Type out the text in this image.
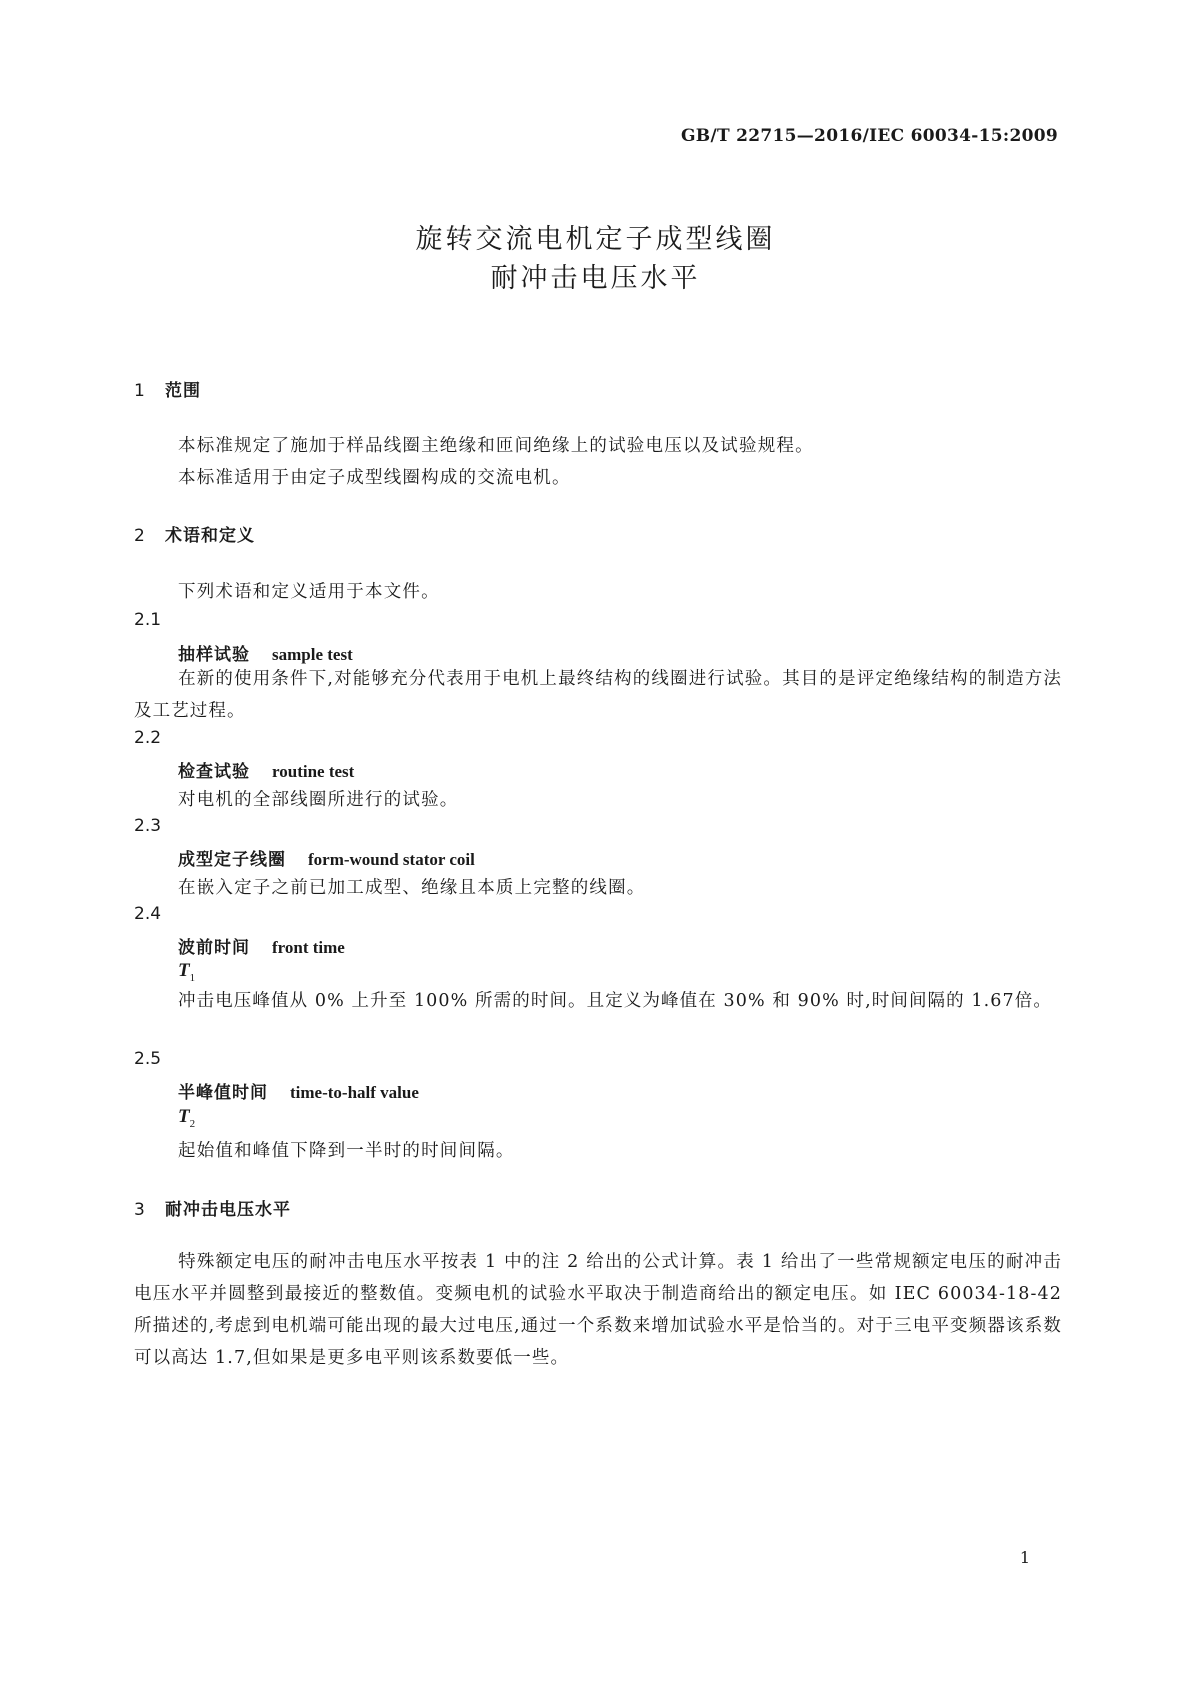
GB/T 22715—2016/IEC 60034-15:2009
旋转交流电机定子成型线圈
耐冲击电压水平
1 范围
本标准规定了施加于样品线圈主绝缘和匝间绝缘上的试验电压以及试验规程。
本标准适用于由定子成型线圈构成的交流电机。
2 术语和定义
下列术语和定义适用于本文件。
2.1
抽样试验 sample test
在新的使用条件下,对能够充分代表用于电机上最终结构的线圈进行试验。其目的是评定绝缘结构的制造方法及工艺过程。
2.2
检查试验 routine test
对电机的全部线圈所进行的试验。
2.3
成型定子线圈 form-wound stator coil
在嵌入定子之前已加工成型、绝缘且本质上完整的线圈。
2.4
波前时间 front time
$T_1$
冲击电压峰值从 0% 上升至 100% 所需的时间。且定义为峰值在 30% 和 90% 时,时间间隔的 1.67倍。
2.5
半峰值时间 time-to-half value
$T_2$
起始值和峰值下降到一半时的时间间隔。
3 耐冲击电压水平
特殊额定电压的耐冲击电压水平按表 1 中的注 2 给出的公式计算。表 1 给出了一些常规额定电压的耐冲击电压水平并圆整到最接近的整数值。变频电机的试验水平取决于制造商给出的额定电压。如 IEC 60034-18-42 所描述的,考虑到电机端可能出现的最大过电压,通过一个系数来增加试验水平是恰当的。对于三电平变频器该系数可以高达 1.7,但如果是更多电平则该系数要低一些。
1
